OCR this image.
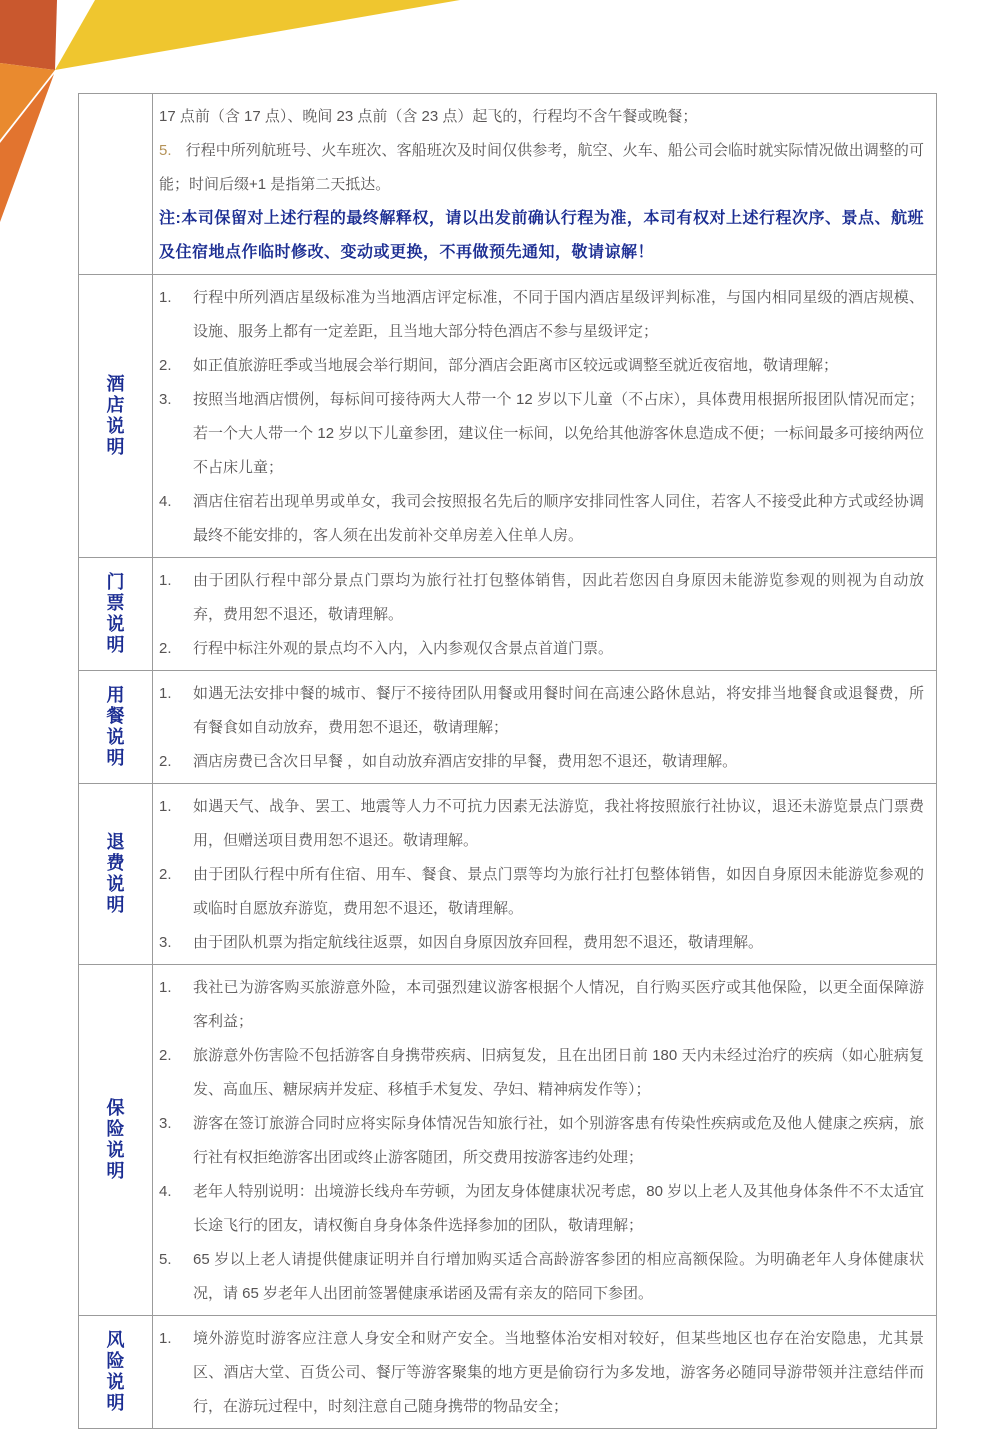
17 点前（含 17 点）、晚间 23 点前（含 23 点）起飞的，行程均不含午餐或晚餐；
5. 行程中所列航班号、火车班次、客船班次及时间仅供参考，航空、火车、船公司会临时就实际情况做出调整的可能；时间后缀+1 是指第二天抵达。
注:本司保留对上述行程的最终解释权，请以出发前确认行程为准，本司有权对上述行程次序、景点、航班及住宿地点作临时修改、变动或更换，不再做预先通知，敬请谅解！
酒店说明
1.	行程中所列酒店星级标准为当地酒店评定标准，不同于国内酒店星级评判标准，与国内相同星级的酒店规模、设施、服务上都有一定差距，且当地大部分特色酒店不参与星级评定；
2.	如正值旅游旺季或当地展会举行期间，部分酒店会距离市区较远或调整至就近夜宿地，敬请理解；
3.	按照当地酒店惯例，每标间可接待两大人带一个 12 岁以下儿童（不占床），具体费用根据所报团队情况而定；若一个大人带一个 12 岁以下儿童参团，建议住一标间，以免给其他游客休息造成不便；一标间最多可接纳两位不占床儿童；
4.	酒店住宿若出现单男或单女，我司会按照报名先后的顺序安排同性客人同住，若客人不接受此种方式或经协调最终不能安排的，客人须在出发前补交单房差入住单人房。
门票说明
1.	由于团队行程中部分景点门票均为旅行社打包整体销售，因此若您因自身原因未能游览参观的则视为自动放弃，费用恕不退还，敬请理解。
2.	行程中标注外观的景点均不入内，入内参观仅含景点首道门票。
用餐说明
1.	如遇无法安排中餐的城市、餐厅不接待团队用餐或用餐时间在高速公路休息站，将安排当地餐食或退餐费，所有餐食如自动放弃，费用恕不退还，敬请理解；
2.	酒店房费已含次日早餐 ，如自动放弃酒店安排的早餐，费用恕不退还，敬请理解。
退费说明
1.	如遇天气、战争、罢工、地震等人力不可抗力因素无法游览，我社将按照旅行社协议，退还未游览景点门票费用，但赠送项目费用恕不退还。敬请理解。
2.	由于团队行程中所有住宿、用车、餐食、景点门票等均为旅行社打包整体销售，如因自身原因未能游览参观的或临时自愿放弃游览，费用恕不退还，敬请理解。
3.	由于团队机票为指定航线往返票，如因自身原因放弃回程，费用恕不退还，敬请理解。
保险说明
1.	我社已为游客购买旅游意外险，本司强烈建议游客根据个人情况，自行购买医疗或其他保险，以更全面保障游客利益；
2.	旅游意外伤害险不包括游客自身携带疾病、旧病复发，且在出团日前 180 天内未经过治疗的疾病（如心脏病复发、高血压、糖尿病并发症、移植手术复发、孕妇、精神病发作等）；
3.	游客在签订旅游合同时应将实际身体情况告知旅行社，如个别游客患有传染性疾病或危及他人健康之疾病，旅行社有权拒绝游客出团或终止游客随团，所交费用按游客违约处理；
4.	老年人特别说明：出境游长线舟车劳顿，为团友身体健康状况考虑，80 岁以上老人及其他身体条件不不太适宜长途飞行的团友，请权衡自身身体条件选择参加的团队，敬请理解；
5.	65 岁以上老人请提供健康证明并自行增加购买适合高龄游客参团的相应高额保险。为明确老年人身体健康状况，请 65 岁老年人出团前签署健康承诺函及需有亲友的陪同下参团。
风险说明
1.	境外游览时游客应注意人身安全和财产安全。当地整体治安相对较好，但某些地区也存在治安隐患，尤其景区、酒店大堂、百货公司、餐厅等游客聚集的地方更是偷窃行为多发地，游客务必随同导游带领并注意结伴而行，在游玩过程中，时刻注意自己随身携带的物品安全；
